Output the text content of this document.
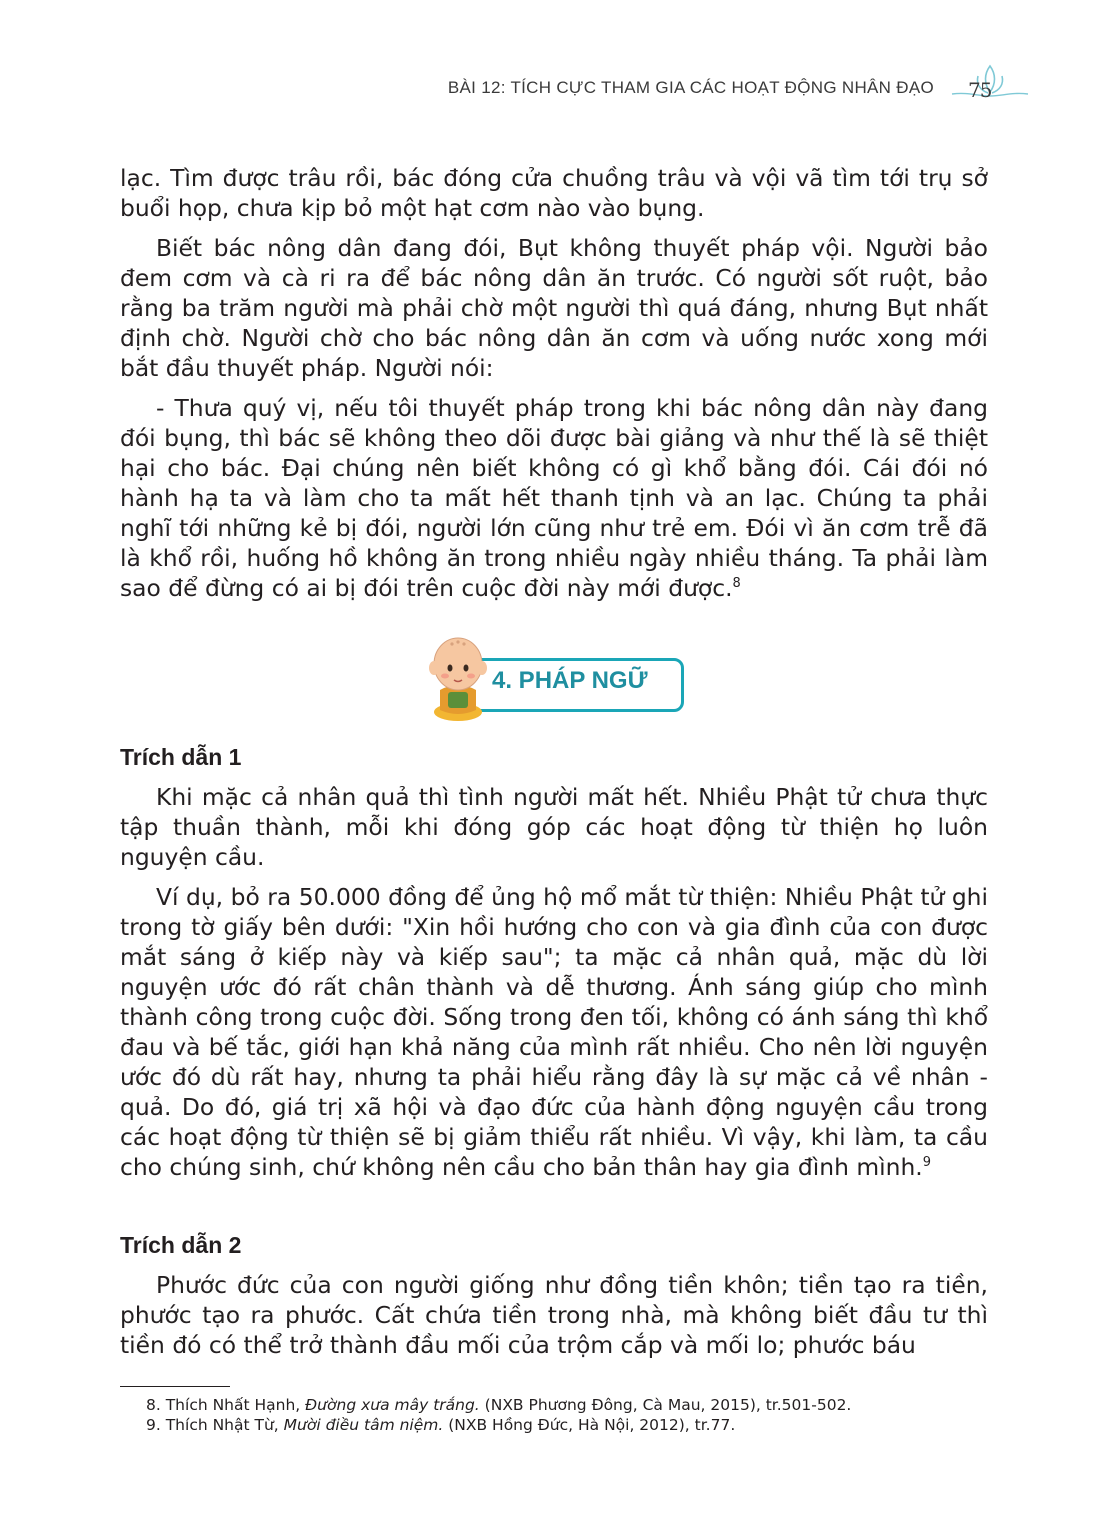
BÀI 12: TÍCH CỰC THAM GIA CÁC HOẠT ĐỘNG NHÂN ĐẠO 75

lạc. Tìm được trâu rồi, bác đóng cửa chuồng trâu và vội vã tìm tới trụ sở buổi họp, chưa kịp bỏ một hạt cơm nào vào bụng.

Biết bác nông dân đang đói, Bụt không thuyết pháp vội. Người bảo đem cơm và cà ri ra để bác nông dân ăn trước. Có người sốt ruột, bảo rằng ba trăm người mà phải chờ một người thì quá đáng, nhưng Bụt nhất định chờ. Người chờ cho bác nông dân ăn cơm và uống nước xong mới bắt đầu thuyết pháp. Người nói:

- Thưa quý vị, nếu tôi thuyết pháp trong khi bác nông dân này đang đói bụng, thì bác sẽ không theo dõi được bài giảng và như thế là sẽ thiệt hại cho bác. Đại chúng nên biết không có gì khổ bằng đói. Cái đói nó hành hạ ta và làm cho ta mất hết thanh tịnh và an lạc. Chúng ta phải nghĩ tới những kẻ bị đói, người lớn cũng như trẻ em. Đói vì ăn cơm trễ đã là khổ rồi, huống hồ không ăn trong nhiều ngày nhiều tháng. Ta phải làm sao để đừng có ai bị đói trên cuộc đời này mới được.$^8$

4. PHÁP NGỮ
Trích dẫn 1

Khi mặc cả nhân quả thì tình người mất hết. Nhiều Phật tử chưa thực tập thuần thành, mỗi khi đóng góp các hoạt động từ thiện họ luôn nguyện cầu.

Ví dụ, bỏ ra 50.000 đồng để ủng hộ mổ mắt từ thiện: Nhiều Phật tử ghi trong tờ giấy bên dưới: "Xin hồi hướng cho con và gia đình của con được mắt sáng ở kiếp này và kiếp sau"; ta mặc cả nhân quả, mặc dù lời nguyện ước đó rất chân thành và dễ thương. Ánh sáng giúp cho mình thành công trong cuộc đời. Sống trong đen tối, không có ánh sáng thì khổ đau và bế tắc, giới hạn khả năng của mình rất nhiều. Cho nên lời nguyện ước đó dù rất hay, nhưng ta phải hiểu rằng đây là sự mặc cả về nhân - quả. Do đó, giá trị xã hội và đạo đức của hành động nguyện cầu trong các hoạt động từ thiện sẽ bị giảm thiểu rất nhiều. Vì vậy, khi làm, ta cầu cho chúng sinh, chứ không nên cầu cho bản thân hay gia đình mình.$^9$

Trích dẫn 2

Phước đức của con người giống như đồng tiền khôn; tiền tạo ra tiền, phước tạo ra phước. Cất chứa tiền trong nhà, mà không biết đầu tư thì tiền đó có thể trở thành đầu mối của trộm cắp và mối lo; phước báu

8. Thích Nhất Hạnh, Đường xưa mây trắng. (NXB Phương Đông, Cà Mau, 2015), tr.501-502.
9. Thích Nhật Từ, Mười điều tâm niệm. (NXB Hồng Đức, Hà Nội, 2012), tr.77.
